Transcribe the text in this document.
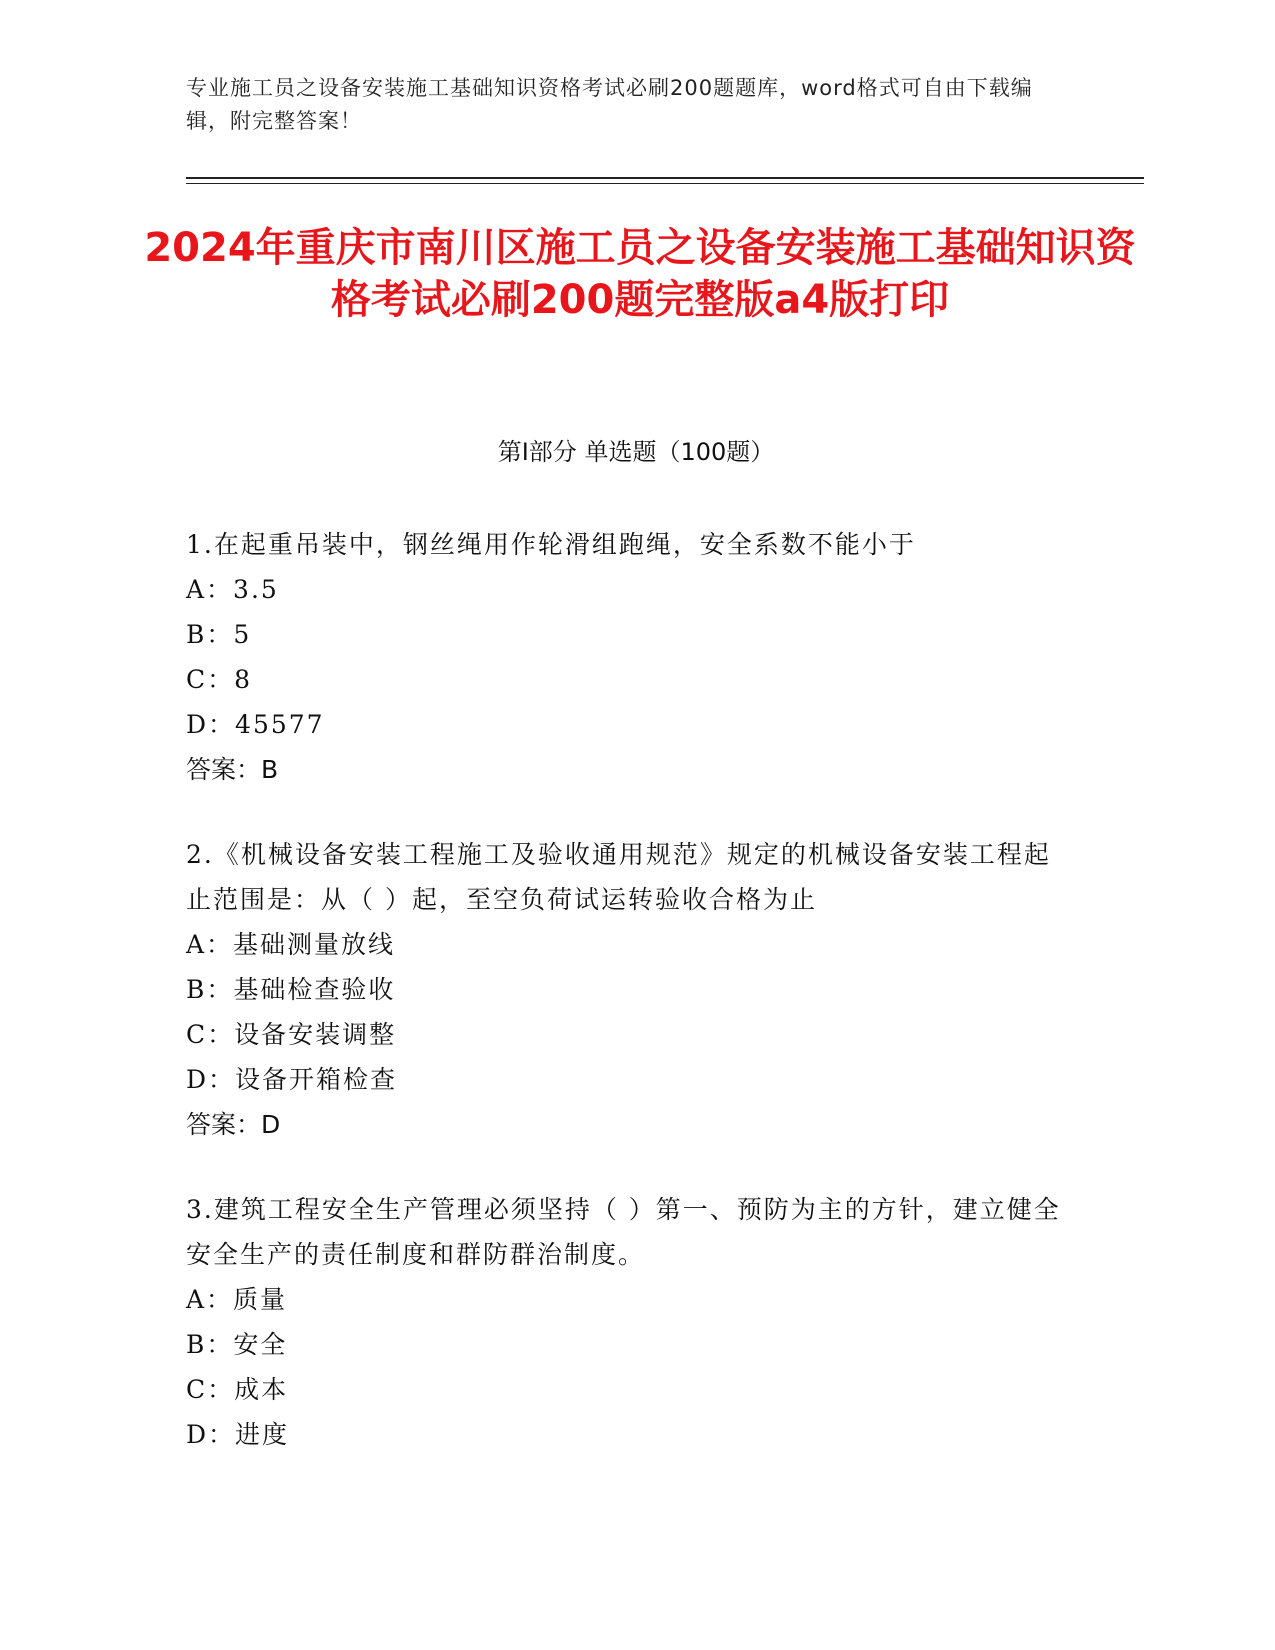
专业施工员之设备安装施工基础知识资格考试必刷200题题库，word格式可自由下载编辑，附完整答案！
2024年重庆市南川区施工员之设备安装施工基础知识资格考试必刷200题完整版a4版打印
第Ⅰ部分 单选题（100题）
1.在起重吊装中，钢丝绳用作轮滑组跑绳，安全系数不能小于
A：3.5
B：5
C：8
D：45577
答案：B
2.《机械设备安装工程施工及验收通用规范》规定的机械设备安装工程起止范围是：从（ ）起，至空负荷试运转验收合格为止
A：基础测量放线
B：基础检查验收
C：设备安装调整
D：设备开箱检查
答案：D
3.建筑工程安全生产管理必须坚持（ ）第一、预防为主的方针，建立健全安全生产的责任制度和群防群治制度。
A：质量
B：安全
C：成本
D：进度
